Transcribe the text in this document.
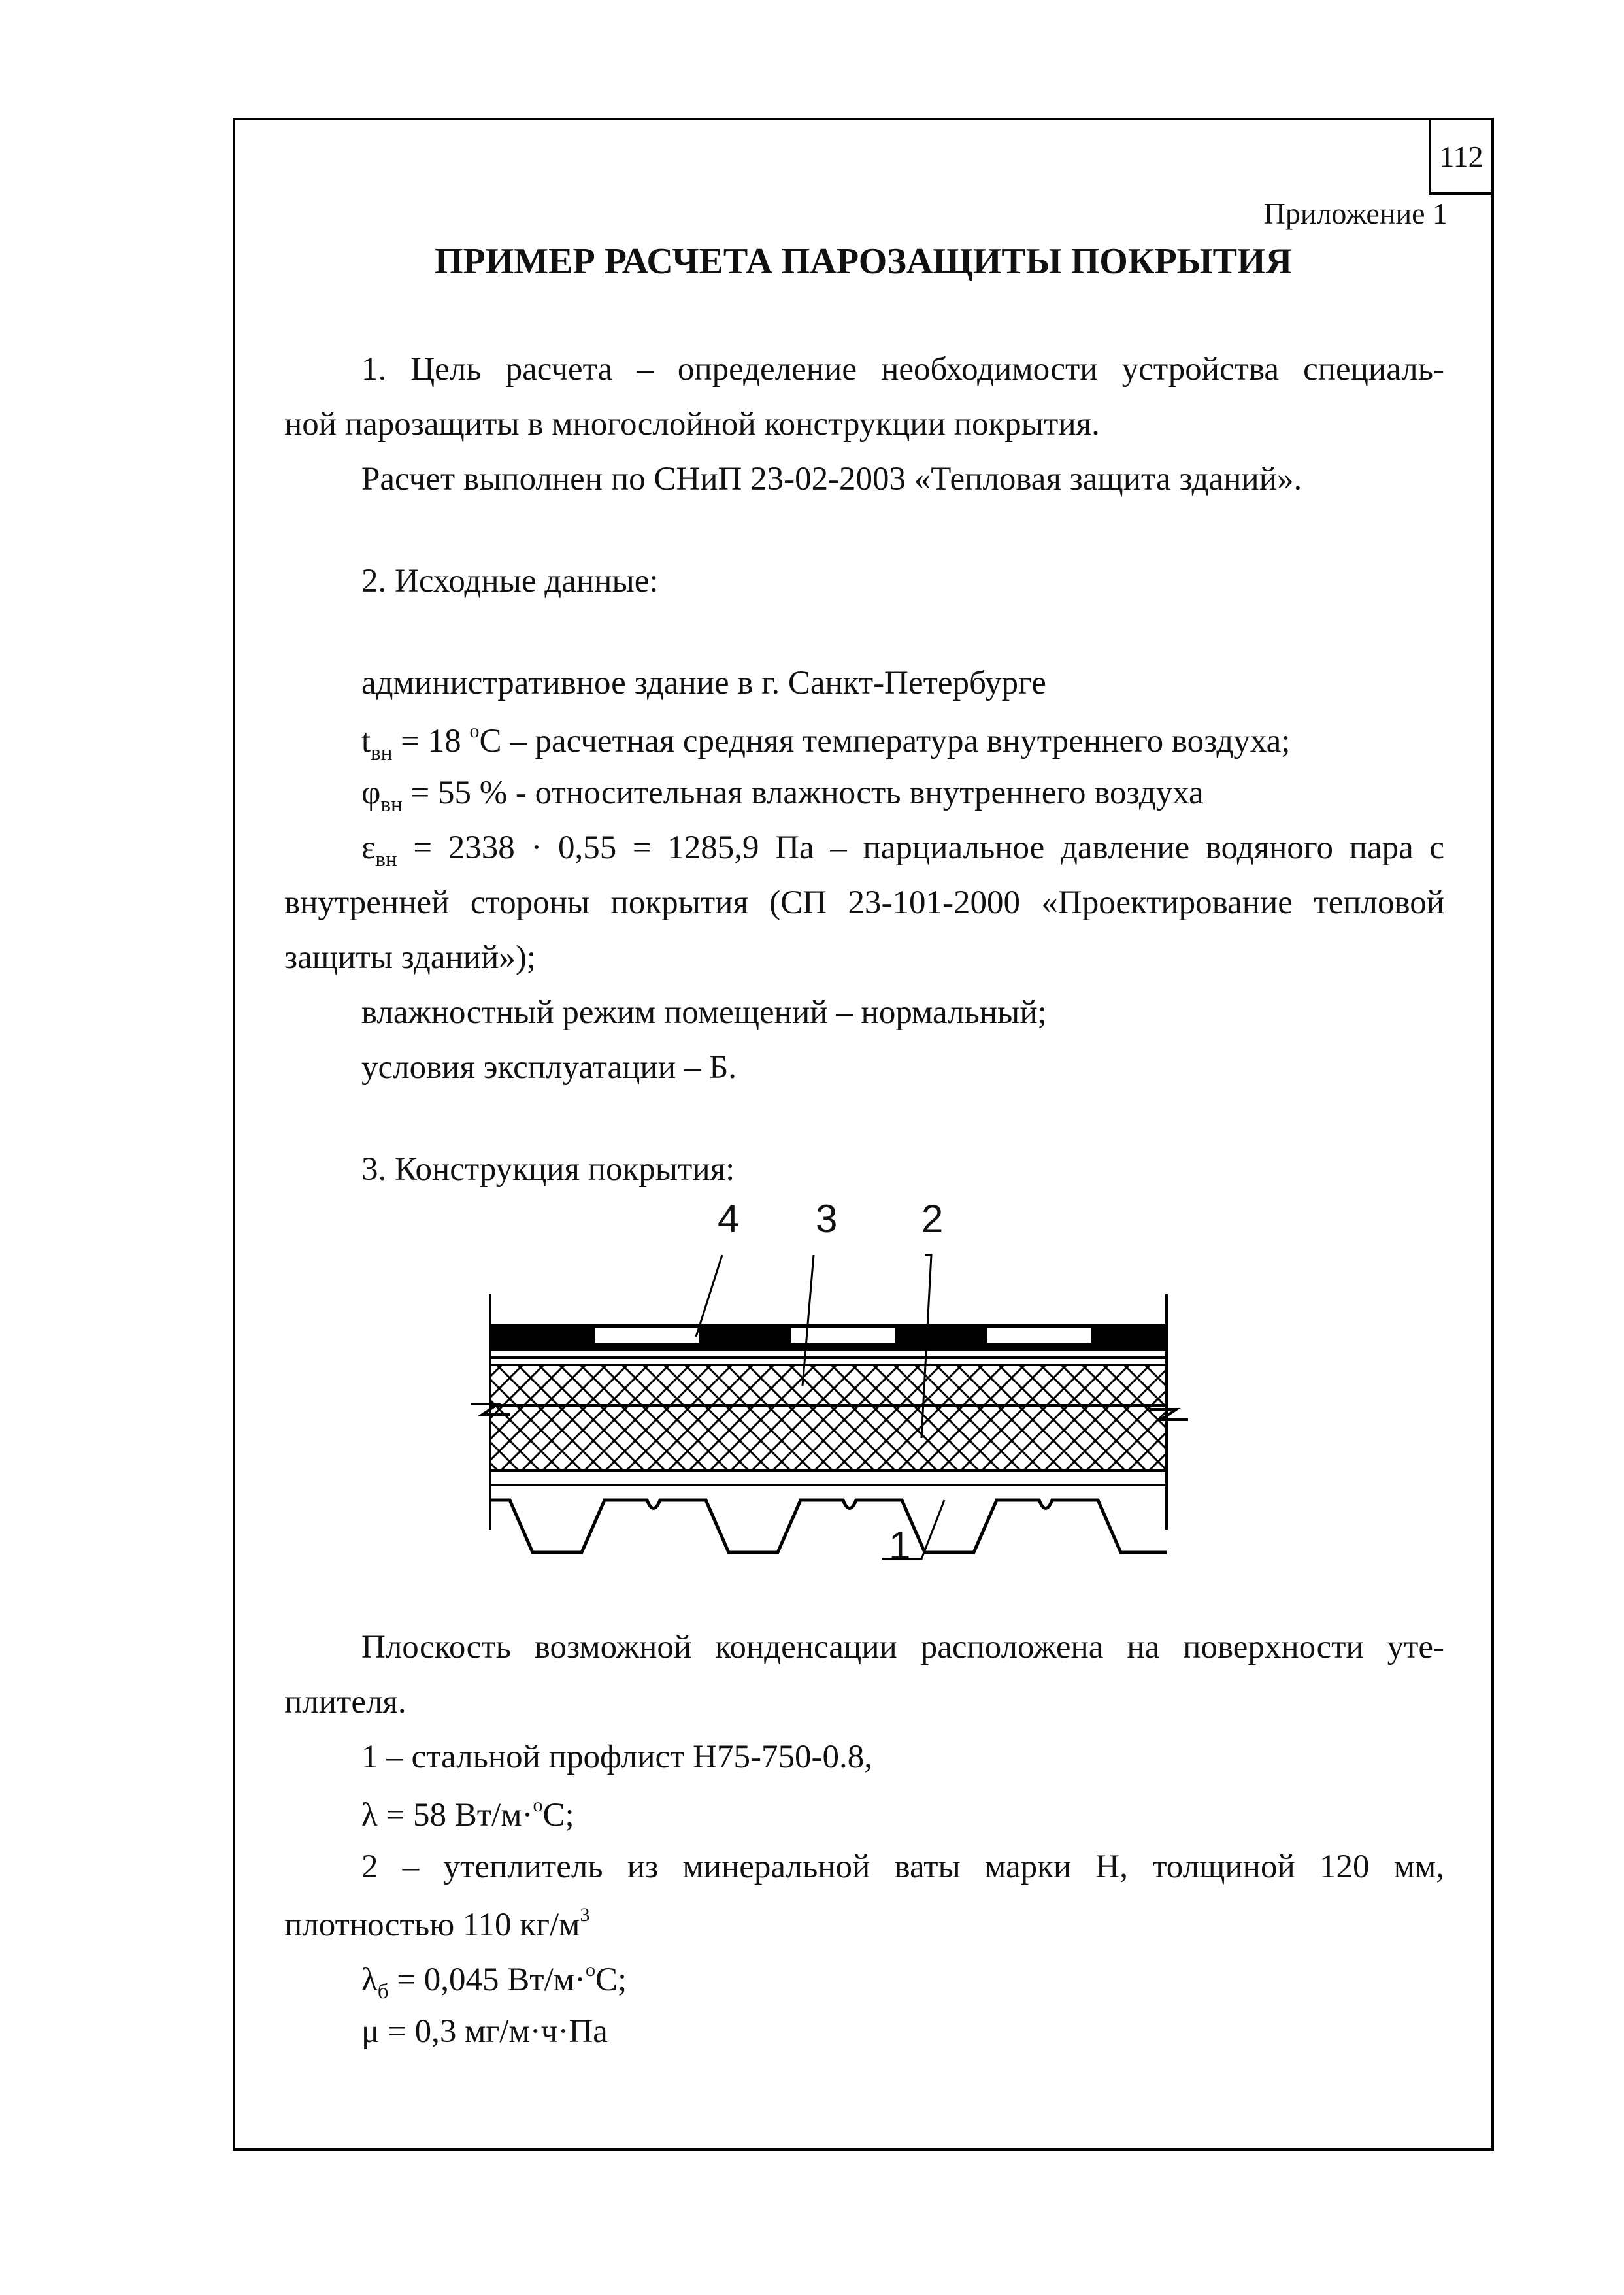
112
Приложение 1
ПРИМЕР РАСЧЕТА ПАРОЗАЩИТЫ ПОКРЫТИЯ
1. Цель расчета – определение необходимости устройства специаль-
ной парозащиты в многослойной конструкции покрытия.
Расчет выполнен по СНиП 23-02-2003 «Тепловая защита зданий».
2. Исходные данные:
административное здание в г. Санкт-Петербурге
$t_{вн} = 18$ $^o$С – расчетная средняя температура внутреннего воздуха;
$\varphi_{вн} = 55$ % - относительная влажность внутреннего воздуха
$\varepsilon_{вн} = 2338 \cdot 0,55 = 1285,9$ Па – парциальное давление водяного пара с
внутренней стороны покрытия (СП 23-101-2000 «Проектирование тепловой
защиты зданий»);
влажностный режим помещений – нормальный;
условия эксплуатации – Б.
3. Конструкция покрытия:
4 3 2
1
Плоскость возможной конденсации расположена на поверхности уте-
плителя.
1 – стальной профлист Н75-750-0.8,
λ = 58 Вт/м·$^о$С;
2 – утеплитель из минеральной ваты марки Н, толщиной 120 мм,
плотностью 110 $кг/м^3$
$\lambda_б = 0,045$ Вт/м·$^о$С;
μ = 0,3 мг/м·ч·Па
